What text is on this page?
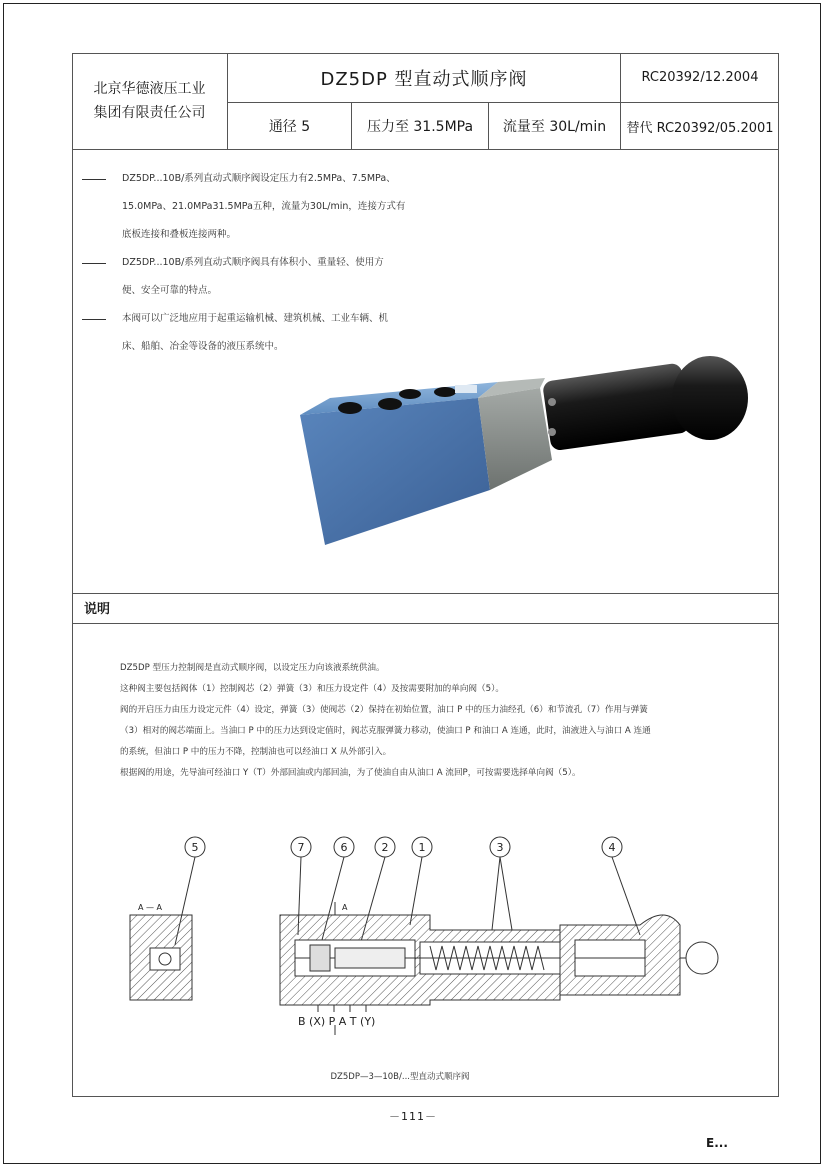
北京华德液压工业
集团有限责任公司
DZ5DP 型直动式顺序阀	RC20392/12.2004
通径 5	压力至 31.5MPa	流量至 30L/min	替代 RC20392/05.2001
DZ5DP...10B/系列直动式顺序阀设定压力有2.5MPa、7.5MPa、
15.0MPa、21.0MPa31.5MPa五种，流量为30L/min，连接方式有
底板连接和叠板连接两种。
DZ5DP...10B/系列直动式顺序阀具有体积小、重量轻、使用方
便、安全可靠的特点。
本阀可以广泛地应用于起重运输机械、建筑机械、工业车辆、机
床、船舶、冶金等设备的液压系统中。
说明
DZ5DP 型压力控制阀是直动式顺序阀，以设定压力向该液系统供油。
这种阀主要包括阀体（1）控制阀芯（2）弹簧（3）和压力设定件（4）及按需要附加的单向阀（5）。
阀的开启压力由压力设定元件（4）设定，弹簧（3）使阀芯（2）保持在初始位置，油口 P 中的压力油经孔（6）和节流孔（7）作用与弹簧
（3）相对的阀芯端面上。当油口 P 中的压力达到设定值时，阀芯克服弹簧力移动，使油口 P 和油口 A 连通，此时，油液进入与油口 A 连通
的系统，但油口 P 中的压力不降，控制油也可以经油口 X 从外部引入。
根据阀的用途，先导油可经油口 Y（T）外部回油或内部回油，为了使油自由从油口 A 流回P，可按需要选择单向阀（5）。
5	7	6	2	1	3	4
A — A	A
B (X) P A T (Y)
DZ5DP—3—10B/...型直动式顺序阀
－111－
E...
